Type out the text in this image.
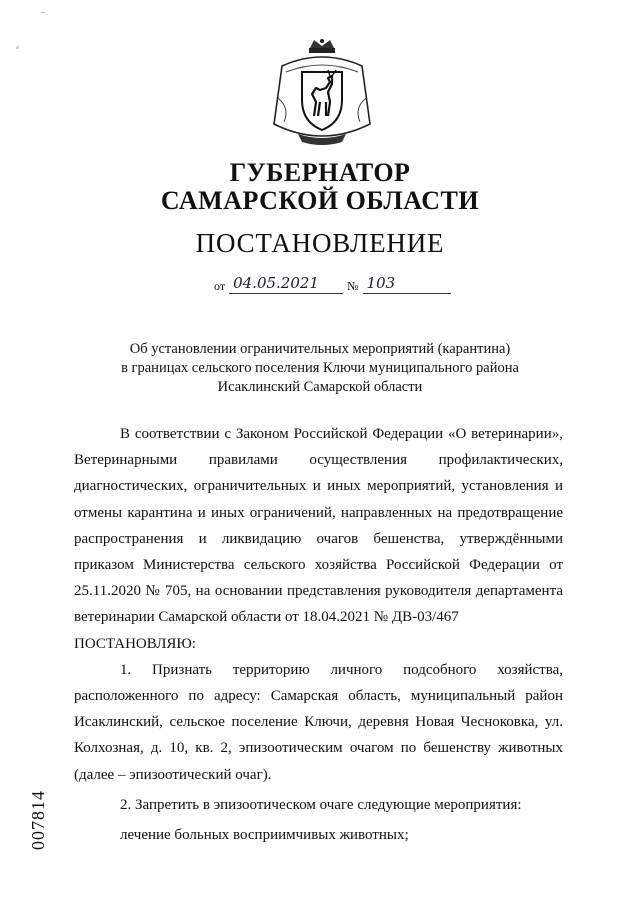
⁻
⸗
ГУБЕРНАТОР
САМАРСКОЙ ОБЛАСТИ
ПОСТАНОВЛЕНИЕ
от 04.05.2021	№ 103
Об установлении ограничительных мероприятий (карантина)
в границах сельского поселения Ключи муниципального района
Исаклинский Самарской области

В соответствии с Законом Российской Федерации «О ветеринарии», Ветеринарными правилами осуществления профилактических, диагностических, ограничительных и иных мероприятий, установления и отмены карантина и иных ограничений, направленных на предотвращение распространения и ликвидацию очагов бешенства, утверждёнными приказом Министерства сельского хозяйства Российской Федерации от 25.11.2020 № 705, на основании представления руководителя департамента ветеринарии Самарской области от 18.04.2021 № ДВ-03/467

ПОСТАНОВЛЯЮ:

1. Признать территорию личного подсобного хозяйства, расположенного по адресу: Самарская область, муниципальный район Исаклинский, сельское поселение Ключи, деревня Новая Чесноковка, ул. Колхозная, д. 10, кв. 2, эпизоотическим очагом по бешенству животных (далее – эпизоотический очаг).

2. Запретить в эпизоотическом очаге следующие мероприятия:

лечение больных восприимчивых животных;

007814
